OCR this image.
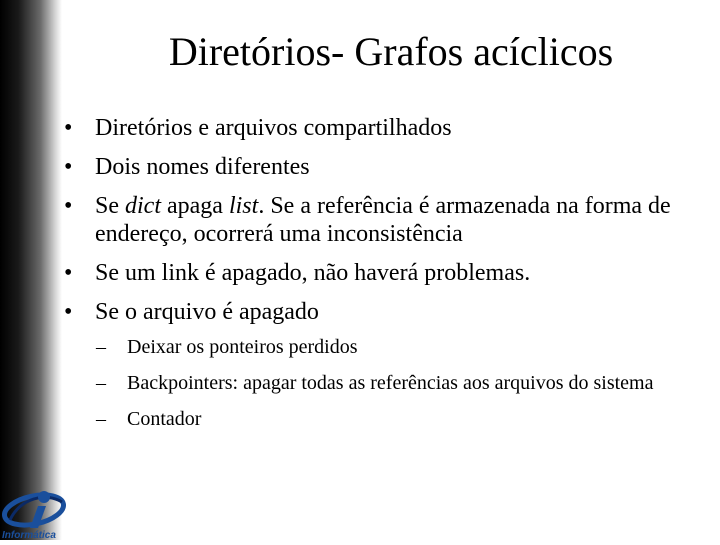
Diretórios- Grafos acíclicos
• Diretórios e arquivos compartilhados
• Dois nomes diferentes
• Se dict apaga list. Se a referência é armazenada na forma de endereço, ocorrerá uma inconsistência
• Se um link é apagado, não haverá problemas.
• Se o arquivo é apagado
– Deixar os ponteiros perdidos
– Backpointers: apagar todas as referências aos arquivos do sistema
– Contador
Informática
